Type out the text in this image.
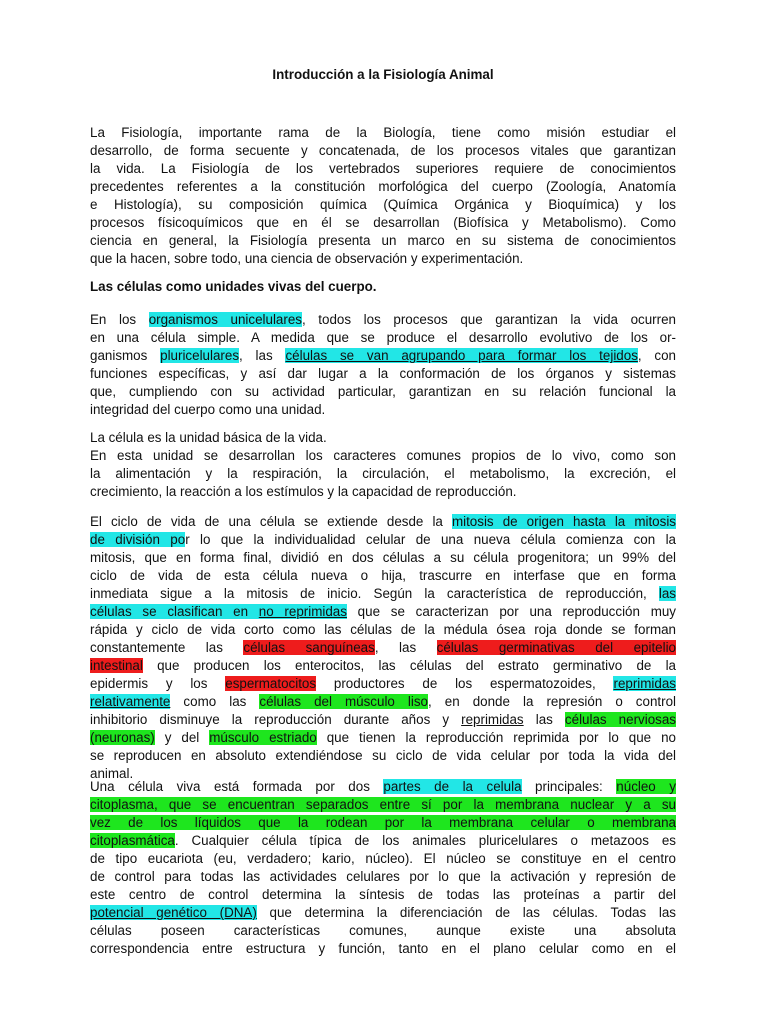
Introducción a la Fisiología Animal
La Fisiología, importante rama de la Biología, tiene como misión estudiar el
desarrollo, de forma secuente y concatenada, de los procesos vitales que garantizan
la vida. La Fisiología de los vertebrados superiores requiere de conocimientos
precedentes referentes a la constitución morfológica del cuerpo (Zoología, Anatomía
e Histología), su composición química (Química Orgánica y Bioquímica) y los
procesos físicoquímicos que en él se desarrollan (Biofísica y Metabolismo). Como
ciencia en general, la Fisiología presenta un marco en su sistema de conocimientos
que la hacen, sobre todo, una ciencia de observación y experimentación.
Las células como unidades vivas del cuerpo.
En los organismos unicelulares, todos los procesos que garantizan la vida ocurren
en una célula simple. A medida que se produce el desarrollo evolutivo de los or-
ganismos pluricelulares, las células se van agrupando para formar los tejidos, con
funciones específicas, y así dar lugar a la conformación de los órganos y sistemas
que, cumpliendo con su actividad particular, garantizan en su relación funcional la
integridad del cuerpo como una unidad.
La célula es la unidad básica de la vida.
En esta unidad se desarrollan los caracteres comunes propios de lo vivo, como son
la alimentación y la respiración, la circulación, el metabolismo, la excreción, el
crecimiento, la reacción a los estímulos y la capacidad de reproducción.
El ciclo de vida de una célula se extiende desde la mitosis de origen hasta la mitosis
de división por lo que la individualidad celular de una nueva célula comienza con la
mitosis, que en forma final, dividió en dos células a su célula progenitora; un 99% del
ciclo de vida de esta célula nueva o hija, trascurre en interfase que en forma
inmediata sigue a la mitosis de inicio. Según la característica de reproducción, las
células se clasifican en no reprimidas que se caracterizan por una reproducción muy
rápida y ciclo de vida corto como las células de la médula ósea roja donde se forman
constantemente las células sanguíneas, las células germinativas del epitelio
intestinal que producen los enterocitos, las células del estrato germinativo de la
epidermis y los espermatocitos productores de los espermatozoides, reprimidas
relativamente como las células del músculo liso, en donde la represión o control
inhibitorio disminuye la reproducción durante años y reprimidas las células nerviosas
(neuronas) y del músculo estriado que tienen la reproducción reprimida por lo que no
se reproducen en absoluto extendiéndose su ciclo de vida celular por toda la vida del
animal.
Una célula viva está formada por dos partes de la celula principales: núcleo y
citoplasma, que se encuentran separados entre sí por la membrana nuclear y a su
vez de los líquidos que la rodean por la membrana celular o membrana
citoplasmática. Cualquier célula típica de los animales pluricelulares o metazoos es
de tipo eucariota (eu, verdadero; kario, núcleo). El núcleo se constituye en el centro
de control para todas las actividades celulares por lo que la activación y represión de
este centro de control determina la síntesis de todas las proteínas a partir del
potencial genético (DNA) que determina la diferenciación de las células. Todas las
células poseen características comunes, aunque existe una absoluta
correspondencia entre estructura y función, tanto en el plano celular como en el
